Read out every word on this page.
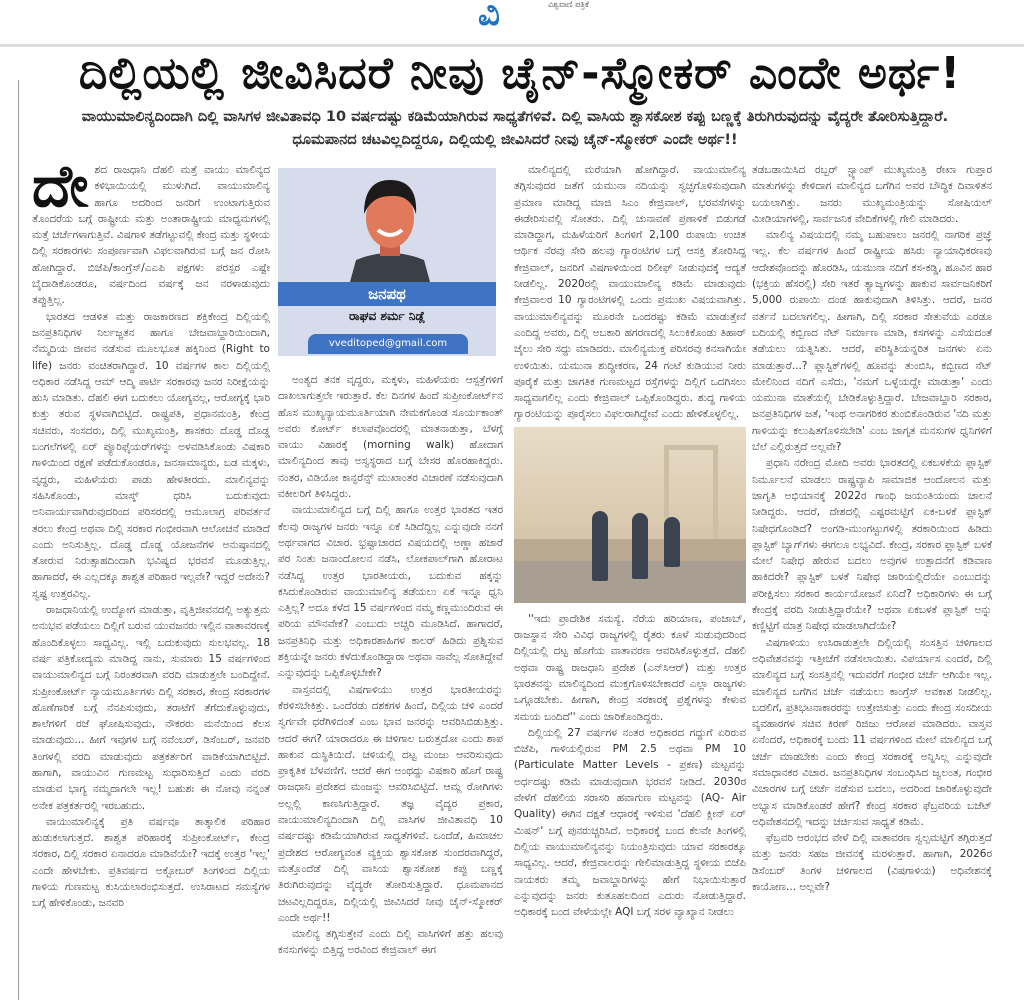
ವಿ	ವಿಶ್ವವಾಣಿ ಪತ್ರಿಕೆ
ದಿಲ್ಲಿಯಲ್ಲಿ ಜೀವಿಸಿದರೆ ನೀವು ಚೈನ್-ಸ್ಮೋಕರ್ ಎಂದೇ ಅರ್ಥ!
ವಾಯುಮಾಲಿನ್ಯದಿಂದಾಗಿ ದಿಲ್ಲಿ ವಾಸಿಗಳ ಜೀವಿತಾವಧಿ 10 ವರ್ಷದಷ್ಟು ಕಡಿಮೆಯಾಗಿರುವ ಸಾಧ್ಯತೆಗಳಿವೆ. ದಿಲ್ಲಿ ವಾಸಿಯ ಶ್ವಾಸಕೋಶ ಕಪ್ಪು ಬಣ್ಣಕ್ಕೆ ತಿರುಗಿರುವುದನ್ನು ವೈದ್ಯರೇ ತೋರಿಸುತ್ತಿದ್ದಾರೆ. ಧೂಮಪಾನದ ಚಟವಿಲ್ಲದಿದ್ದರೂ, ದಿಲ್ಲಿಯಲ್ಲಿ ಜೀವಿಸಿದರೆ ನೀವು ಚೈನ್-ಸ್ಮೋಕರ್ ಎಂದೇ ಅರ್ಥ!!

ದೇಶದ ರಾಜಧಾನಿ ದೆಹಲಿ ಮತ್ತೆ ವಾಯು ಮಾಲಿನ್ಯದ ಕಳಿಭಾಯಿಯಲ್ಲಿ ಮುಳುಗಿದೆ. ವಾಯುಮಾಲಿನ್ಯ ಹಾಗೂ ಅದರಿಂದ ಜನರಿಗೆ ಉಂಟಾಗುತ್ತಿರುವ ತೊಂದರೆಯ ಬಗ್ಗೆ ರಾಷ್ಟ್ರೀಯ ಮತ್ತು ಅಂತಾರಾಷ್ಟ್ರೀಯ ಮಾಧ್ಯಮಗಳಲ್ಲಿ ಮತ್ತೆ ಚರ್ಚೆಗಳಾಗುತ್ತಿವೆ. ವಿಷಗಾಳಿ ತಡೆಗಟ್ಟುವಲ್ಲಿ ಕೇಂದ್ರ ಮತ್ತು ಸ್ಥಳೀಯ ದಿಲ್ಲಿ ಸರಕಾರಗಳು ಸಂಪೂರ್ಣವಾಗಿ ವಿಫಲವಾಗಿರುವ ಬಗ್ಗೆ ಜನ ರೋಸಿ ಹೋಗಿದ್ದಾರೆ. ಬಿಜೆಪಿ/ಕಾಂಗ್ರೆಸ್/ಎಎಪಿ ಪಕ್ಷಗಳು ಪರಸ್ಪರ ಎಷ್ಟೇ ಬೈದಾಡಿಕೊಂಡರೂ, ವರ್ಷದಿಂದ ವರ್ಷಕ್ಕೆ ಜನ ನರಳಾಡುವುದು ತಪ್ಪುತ್ತಿಲ್ಲ.

ಭಾರತದ ಆಡಳಿತ ಮತ್ತು ರಾಜಕಾರಣದ ಶಕ್ತಿಕೇಂದ್ರ ದಿಲ್ಲಿಯಲ್ಲಿ ಜನಪ್ರತಿನಿಧಿಗಳ ನಿರ್ಲಜ್ಜತನ ಹಾಗೂ ಬೇಜವಾಬ್ದಾರಿಯಿಂದಾಗಿ, ನೆಮ್ಮದಿಯ ಜೀವನ ನಡೆಸುವ ಮೂಲಭೂತ ಹಕ್ಕಿನಿಂದ (Right to life) ಜನರು ವಂಚಿತರಾಗಿದ್ದಾರೆ. 10 ವರ್ಷಗಳ ಕಾಲ ದಿಲ್ಲಿಯಲ್ಲಿ ಅಧಿಕಾರ ನಡೆಸಿದ್ದ ಆಮ್ ಆದ್ಮಿ ಪಾರ್ಟಿ ಸರಕಾರವು ಜನರ ನಿರೀಕ್ಷೆಯನ್ನು ಹುಸಿ ಮಾಡಿತು. ದೆಹಲಿ ಈಗ ಬದುಕಲು ಯೋಗ್ಯವಲ್ಲ, ಆರೋಗ್ಯಕ್ಕೆ ಭಾರಿ ಕುತ್ತು ತರುವ ಸ್ಥಳವಾಗಿಬಿಟ್ಟಿದೆ. ರಾಷ್ಟ್ರಪತಿ, ಪ್ರಧಾನಮಂತ್ರಿ, ಕೇಂದ್ರ ಸಚಿವರು, ಸಂಸದರು, ದಿಲ್ಲಿ ಮುಖ್ಯಮಂತ್ರಿ, ಶಾಸಕರು ದೊಡ್ಡ ದೊಡ್ಡ ಬಂಗಲೆಗಳಲ್ಲಿ ಏರ್ ಪ್ಯೂರಿಫೈಯರ್‌ಗಳನ್ನು ಅಳವಡಿಸಿಕೊಂಡು ವಿಷಕಾರಿ ಗಾಳಿಯಿಂದ ರಕ್ಷಣೆ ಪಡೆದುಕೊಂಡರೂ, ಜನಸಾಮಾನ್ಯರು, ಬಡ ಮಕ್ಕಳು, ವೃದ್ಧರು, ಮಹಿಳೆಯರು ಪಾಡು ಹೇಳತೀರದು. ಮಾಲಿನ್ಯವನ್ನು ಸಹಿಸಿಕೊಂಡು, ಮಾಸ್ಕ್ ಧರಿಸಿ ಬದುಕುವುದು ಅನಿವಾರ್ಯವಾಗಿರುವುದರಿಂದ ಪರಿಸರದಲ್ಲಿ ಆಮೂಲಾಗ್ರ ಪರಿವರ್ತನೆ ತರಲು ಕೇಂದ್ರ ಅಥವಾ ದಿಲ್ಲಿ ಸರಕಾರ ಗಂಭೀರವಾಗಿ ಆಲೋಚನೆ ಮಾಡಿದೆ ಎಂದು ಅನಿಸುತ್ತಿಲ್ಲ. ದೊಡ್ಡ ದೊಡ್ಡ ಯೋಜನೆಗಳ ಅನುಷ್ಠಾನದಲ್ಲಿ ತೋರುವ ನಿರುತ್ಸಾಹದಿಂದಾಗಿ ಭವಿಷ್ಯದ ಭರವಸೆ ಮೂಡುತ್ತಿಲ್ಲ. ಹಾಗಾದರೆ, ಈ ಎಲ್ಲದಕ್ಕೂ ಶಾಶ್ವತ ಪರಿಹಾರ ಇಲ್ಲವೇ? ಇದ್ದರೆ ಅದೇನು? ಸ್ವಷ್ಟ ಉತ್ತರವಿಲ್ಲ.

ರಾಜಧಾನಿಯಲ್ಲಿ ಉದ್ಯೋಗ ಮಾಡುತ್ತಾ, ವೃತ್ತಿಜೀವನದಲ್ಲಿ ಅತ್ಯುತ್ತಮ ಅನುಭವ ಪಡೆಯಲು ದಿಲ್ಲಿಗೆ ಬರುವ ಯುವಜನರು ಇಲ್ಲಿನ ವಾತಾವರಣಕ್ಕೆ ಹೊಂದಿಕೊಳ್ಳಲು ಸಾಧ್ಯವಿಲ್ಲ. ಇಲ್ಲಿ ಬದುಕುವುದು ಸುಲಭವಲ್ಲ. 18 ವರ್ಷ ಪತ್ರಿಕೋದ್ಯಮ ಮಾಡಿದ್ದ ನಾನು, ಸುಮಾರು 15 ವರ್ಷಗಳಿಂದ ವಾಯುಮಾಲಿನ್ಯದ ಬಗ್ಗೆ ನಿರಂತರವಾಗಿ ವರದಿ ಮಾಡುತ್ತಲೇ ಬಂದಿದ್ದೇನೆ. ಸುಪ್ರೀಂಕೋರ್ಟ್ ನ್ಯಾಯಮೂರ್ತಿಗಳು ದಿಲ್ಲಿ ಸರಕಾರ, ಕೇಂದ್ರ ಸರಕಾರಗಳ ಹೊಣೆಗಾರಿಕೆ ಬಗ್ಗೆ ನೆನಪಿಸುವುದು, ತರಾಟೆಗೆ ತೆಗೆದುಕೊಳ್ಳುವುದು, ಶಾಲೆಗಳಿಗೆ ರಜೆ ಘೋಷಿಸುವುದು, ನೌಕರರು ಮನೆಯಿಂದ ಕೆಲಸ ಮಾಡುವುದು... ಹೀಗೆ ಇವುಗಳ ಬಗ್ಗೆ ನವೆಂಬರ್, ಡಿಸೆಂಬರ್, ಜನವರಿ ತಿಂಗಳಲ್ಲಿ ವರದಿ ಮಾಡುವುದು ಪತ್ರಕರ್ತರಿಗೆ ವಾಡಿಕೆಯಾಗಿಬಿಟ್ಟಿದೆ. ಹಾಗಾಗಿ, ವಾಯುವಿನ ಗುಣಮಟ್ಟ ಸುಧಾರಿಸುತ್ತಿದೆ ಎಂದು ವರದಿ ಮಾಡುವ ಭಾಗ್ಯ ನಮ್ಮದಾಗಲೇ ಇಲ್ಲ! ಬಹುಶಃ ಈ ನೋವು ನನ್ನಂತೆ ಅನೇಕ ಪತ್ರಕರ್ತರಲ್ಲಿ ಇರಬಹುದು.

ವಾಯುಮಾಲಿನ್ಯಕ್ಕೆ ಪ್ರತಿ ವರ್ಷವೂ ತಾತ್ಕಾಲಿಕ ಪರಿಹಾರ ಹುಡುಕಲಾಗುತ್ತದೆ. ಶಾಶ್ವತ ಪರಿಹಾರಕ್ಕೆ ಸುಪ್ರೀಂಕೋರ್ಟ್, ಕೇಂದ್ರ ಸರಕಾರ, ದಿಲ್ಲಿ ಸರಕಾರ ಏನಾದರೂ ಮಾಡಿವೆಯೇ? ಇದಕ್ಕೆ ಉತ್ತರ 'ಇಲ್ಲ' ಎಂದೇ ಹೇಳಬೇಕು. ಪ್ರತಿವರ್ಷದ ಅಕ್ಟೋಬರ್ ತಿಂಗಳಿಂದ ದಿಲ್ಲಿಯ ಗಾಳಿಯ ಗುಣಮಟ್ಟ ಕುಸಿಯಲಾರಂಭಿಸುತ್ತದೆ. ಉಸಿರಾಟದ ಸಮಸ್ಯೆಗಳ ಬಗ್ಗೆ ಹೇಳಿಕೊಂಡು, ಜನವರಿ

ಜನಪಥ
ರಾಘವ ಶರ್ಮ ನಿಡ್ಲೆ
vveditoped@gmail.com

ಅಂತ್ಯದ ತನಕ ವೃದ್ಧರು, ಮಕ್ಕಳು, ಮಹಿಳೆಯರು ಆಸ್ಪತ್ರೆಗಳಿಗೆ ದಾಖಲಾಗುತ್ತಲೇ ಇರುತ್ತಾರೆ. ಕೆಲ ದಿನಗಳ ಹಿಂದೆ ಸುಪ್ರೀಂಕೋರ್ಟ್‌ನ ಹೊಸ ಮುಖ್ಯನ್ಯಾಯಮೂರ್ತಿಯಾಗಿ ನೇಮಕಗೊಂಡ ಸೂರ್ಯಕಾಂತ್ ಅವರು ಕೋರ್ಟ್ ಕಲಾಪವೊಂದರಲ್ಲಿ ಮಾತನಾಡುತ್ತಾ, ಬೆಳಗ್ಗೆ ವಾಯು ವಿಹಾರಕ್ಕೆ (morning walk) ಹೋದಾಗ ಮಾಲಿನ್ಯದಿಂದ ತಾವು ಅಸ್ವಸ್ಥರಾದ ಬಗ್ಗೆ ಬೇಸರ ಹೊರಹಾಕಿದ್ದರು. ನಂತರ, ವಿಡಿಯೋ ಕಾನ್ಫರೆನ್ಸ್ ಮುಖಾಂತರ ವಿಚಾರಣೆ ನಡೆಸುವುದಾಗಿ ವಕೀಲರಿಗೆ ತಿಳಿಸಿದ್ದರು.

ವಾಯುಮಾಲಿನ್ಯದ ಬಗ್ಗೆ ದಿಲ್ಲಿ ಹಾಗೂ ಉತ್ತರ ಭಾರತದ ಇತರ ಕೆಲವು ರಾಜ್ಯಗಳ ಜನರು ಇನ್ನೂ ಏಕೆ ಸಿಡಿದೆದ್ದಿಲ್ಲ ಎನ್ನುವುದೇ ನನಗೆ ಅರ್ಥವಾಗದ ವಿಚಾರ. ಭ್ರಷ್ಟಾಚಾರದ ವಿಷಯದಲ್ಲಿ ಅಣ್ಣಾ ಹಜಾರೆ ಪರ ನಿಂತು ಜನಾಂದೋಲನ ನಡೆಸಿ, ಲೋಕಪಾಲ್‌ಗಾಗಿ ಹೋರಾಟ ನಡೆಸಿದ್ದ ಉತ್ತರ ಭಾರತೀಯರು, ಬದುಕುವ ಹಕ್ಕನ್ನು ಕಸಿದುಕೊಂಡಿರುವ ವಾಯುಮಾಲಿನ್ಯ ತಡೆಯಲು ಏಕೆ ಇನ್ನೂ ಧ್ವನಿ ಎತ್ತಿಲ್ಲ? ಅದೂ ಕಳೆದ 15 ವರ್ಷಗಳಿಂದ ನಮ್ಮ ಕಣ್ಣಮುಂದಿರುವ ಈ ಪರಿಯ ಮೌನವೇಕೆ? ಎಂಬುದು ಅಚ್ಚರಿ ಮೂಡಿಸಿದೆ. ಹಾಗಾದರೆ, ಜನಪ್ರತಿನಿಧಿ ಮತ್ತು ಅಧಿಕಾರಶಾಹಿಗಳ ಕಾಲರ್ ಹಿಡಿದು ಪ್ರಶ್ನಿಸುವ ಶಕ್ತಿಯನ್ನೇ ಜನರು ಕಳೆದುಕೊಂಡಿದ್ದಾರಾ ಅಥವಾ ನಾವೆಲ್ಲ ಸೋತಿದ್ದೇವೆ ಎನ್ನುವುದನ್ನು ಒಪ್ಪಿಕೊಳ್ಳಬೇಕೇ?

ವಾಸ್ತವದಲ್ಲಿ ವಿಷಗಾಳಿಯು ಉತ್ತರ ಭಾರತೀಯರನ್ನು ಕೆರಳಿಸಬೇಕಿತ್ತು. ಒಂದೆರಡು ದಶಕಗಳ ಹಿಂದೆ, ದಿಲ್ಲಿಯ ಚಳಿ ಎಂದರೆ ಸ್ವರ್ಗವೇ ಧರೆಗಿಳಿದಂತೆ ಎಂಬ ಭಾವ ಜನರನ್ನು ಆವರಿಸಿಬಿಡುತ್ತಿತ್ತು. ಆದರೆ ಈಗ? ಯಾರಾದರೂ ಈ ಚಳಿಗಾಲ ಬರುತ್ತದೋ ಎಂದು ಶಾಪ ಹಾಕುವ ದುಸ್ಥಿತಿಯಿದೆ. ಚಳಿಯಲ್ಲಿ ದಟ್ಟ ಮಂಜು ಆವರಿಸುವುದು ಪ್ರಾಕೃತಿಕ ಬೆಳವಣಿಗೆ. ಆದರೆ ಈಗ ಅಂಥದ್ದು ವಿಷಕಾರಿ ಹೊಗೆ ರಾಷ್ಟ್ರ ರಾಜಧಾನಿ ಪ್ರದೇಶದ ಮಂಜನ್ನು ಆವರಿಸಿಬಿಟ್ಟಿದೆ. ಆಮ್ಲ ರೋಗಿಗಳು ಅಲ್ಲಲ್ಲಿ ಕಾಣಸಿಗುತ್ತಿದ್ದಾರೆ. ತಜ್ಞ ವೈದ್ಯರ ಪ್ರಕಾರ, ವಾಯುಮಾಲಿನ್ಯದಿಂದಾಗಿ ದಿಲ್ಲಿ ವಾಸಿಗಳ ಜೀವಿತಾವಧಿ 10 ವರ್ಷದಷ್ಟು ಕಡಿಮೆಯಾಗಿರುವ ಸಾಧ್ಯತೆಗಳಿವೆ. ಒಂದೆಡೆ, ಹಿಮಾಚಲ ಪ್ರದೇಶದ ಆರೋಗ್ಯವಂತ ವ್ಯಕ್ತಿಯ ಶ್ವಾಸಕೋಶ ಸುಂದರವಾಗಿದ್ದರೆ, ಮತ್ತೊಂದೆಡೆ ದಿಲ್ಲಿ ವಾಸಿಯ ಶ್ವಾಸಕೋಶ ಕಪ್ಪು ಬಣ್ಣಕ್ಕೆ ತಿರುಗಿರುವುದನ್ನು ವೈದ್ಯರೇ ತೋರಿಸುತ್ತಿದ್ದಾರೆ. ಧೂಮಪಾನದ ಚಟವಿಲ್ಲದಿದ್ದರೂ, ದಿಲ್ಲಿಯಲ್ಲಿ ಜೀವಿಸಿದರೆ ನೀವು ಚೈನ್-ಸ್ಮೋಕರ್ ಎಂದೇ ಅರ್ಥ!!

ಮಾಲಿನ್ಯ ತಗ್ಗಿಸುತ್ತೇನೆ ಎಂದು ದಿಲ್ಲಿ ವಾಸಿಗಳಿಗೆ ಹತ್ತು ಹಲವು ಕನಸುಗಳನ್ನು ಬಿತ್ತಿದ್ದ ಅರವಿಂದ ಕೇಜ್ರಿವಾಲ್ ಈಗ

ಮಾಲಿನ್ಯದಲ್ಲಿ ಮರೆಯಾಗಿ ಹೋಗಿದ್ದಾರೆ. ವಾಯುಮಾಲಿನ್ಯ ತಗ್ಗಿಸುವುದರ ಜತೆಗೆ ಯಮುನಾ ನದಿಯನ್ನು ಸ್ವಚ್ಛಗೊಳಿಸುವುದಾಗಿ ಪ್ರಮಾಣ ಮಾಡಿದ್ದ ಮಾಜಿ ಸಿಎಂ ಕೇಜ್ರಿವಾಲ್, ಭರವಸೆಗಳನ್ನು ಈಡೇರಿಸುವಲ್ಲಿ ಸೋತರು. ದಿಲ್ಲಿ ಚುನಾವಣೆ ಪ್ರಣಾಳಿಕೆ ಬಿಡುಗಡೆ ಮಾಡಿದ್ದಾಗ, ಮಹಿಳೆಯರಿಗೆ ತಿಂಗಳಿಗೆ 2,100 ರುಪಾಯಿ ಉಚಿತ ಆರ್ಥಿಕ ನೆರವು ಸೇರಿ ಹಲವು ಗ್ಯಾರಂಟಿಗಳ ಬಗ್ಗೆ ಆಸಕ್ತಿ ತೋರಿಸಿದ್ದ ಕೇಜ್ರಿವಾಲ್, ಜನರಿಗೆ ವಿಷಗಾಳಿಯಿಂದ ರಿಲೀಫ್ ನೀಡುವುದಕ್ಕೆ ಆದ್ಯತೆ ನೀಡಲಿಲ್ಲ. 2020ರಲ್ಲಿ ವಾಯುಮಾಲಿನ್ಯ ಕಡಿಮೆ ಮಾಡುವುದು ಕೇಜ್ರಿವಾಲರ 10 ಗ್ಯಾರಂಟಿಗಳಲ್ಲಿ ಒಂದು ಪ್ರಮುಖ ವಿಷಯವಾಗಿತ್ತು. ವಾಯುಮಾಲಿನ್ಯವನ್ನು ಮೂರನೇ ಒಂದರಷ್ಟು ಕಡಿಮೆ ಮಾಡುತ್ತೇನೆ ಎಂದಿದ್ದ ಅವರು, ದಿಲ್ಲಿ ಅಬಕಾರಿ ಹಗರಣದಲ್ಲಿ ಸಿಲುಕಿಕೊಂಡು ತಿಹಾರ್ ಜೈಲು ಸೇರಿ ಸದ್ದು ಮಾಡಿದರು. ಮಾಲಿನ್ಯಮುಕ್ತ ಪರಿಸರವು ಕನಸಾಗಿಯೇ ಉಳಿಯಿತು. ಯಮುನಾ ಶುದ್ಧೀಕರಣ, 24 ಗಂಟೆ ಕುಡಿಯುವ ನೀರು ಪೂರೈಕೆ ಮತ್ತು ಜಾಗತಿಕ ಗುಣಮಟ್ಟದ ರಸ್ತೆಗಳನ್ನು ದಿಲ್ಲಿಗೆ ಒದಗಿಸಲು ಸಾಧ್ಯವಾಗಲಿಲ್ಲ ಎಂದು ಕೇಜ್ರಿವಾಲ್ ಒಪ್ಪಿಕೊಂಡಿದ್ದರು. ಶುದ್ಧ ಗಾಳಿಯ ಗ್ಯಾರಂಟಿಯನ್ನು ಪೂರೈಸಲು ವಿಫಲರಾಗಿದ್ದೇವೆ ಎಂದು ಹೇಳಿಕೊಳ್ಳಲಿಲ್ಲ.

''ಇದು ಪ್ರಾದೇಶಿಕ ಸಮಸ್ಯೆ. ನೆರೆಯ ಹರಿಯಾಣ, ಪಂಜಾಬ್, ರಾಜಸ್ಥಾನ ಸೇರಿ ವಿವಿಧ ರಾಜ್ಯಗಳಲ್ಲಿ ರೈತರು ಕೂಳೆ ಸುಡುವುದರಿಂದ ದಿಲ್ಲಿಯಲ್ಲಿ ದಟ್ಟ ಹೊಗೆಯ ವಾತಾವರಣ ಆವರಿಸಿಕೊಳ್ಳುತ್ತದೆ. ದೆಹಲಿ ಅಥವಾ ರಾಷ್ಟ್ರ ರಾಜಧಾನಿ ಪ್ರದೇಶ (ಎನ್‌ಸಿಆರ್) ಮತ್ತು ಉತ್ತರ ಭಾರತವನ್ನು ಮಾಲಿನ್ಯದಿಂದ ಮುಕ್ತಗೊಳಿಸಬೇಕಾದರೆ ಎಲ್ಲಾ ರಾಜ್ಯಗಳು ಒಗ್ಗೂಡಬೇಕು. ಹೀಗಾಗಿ, ಕೇಂದ್ರ ಸರಕಾರಕ್ಕೆ ಪ್ರಶ್ನೆಗಳನ್ನು ಕೇಳುವ ಸಮಯ ಬಂದಿದೆ'' ಎಂದು ಜಾರಿಕೊಂಡಿದ್ದರು.

ದಿಲ್ಲಿಯಲ್ಲಿ 27 ವರ್ಷಗಳ ನಂತರ ಅಧಿಕಾರದ ಗದ್ದುಗೆ ಏರಿರುವ ಬಿಜೆಪಿ, ಗಾಳಿಯಲ್ಲಿರುವ PM 2.5 ಅಥವಾ PM 10 (Particulate Matter Levels - ಪ್ರಕಣ) ಮಟ್ಟವನ್ನು ಅರ್ಧದಷ್ಟು ಕಡಿಮೆ ಮಾಡುವುದಾಗಿ ಭರವಸೆ ನೀಡಿದೆ. 2030ರ ವೇಳೆಗೆ ದೆಹಲಿಯ ಸರಾಸರಿ ಹವಾಗುಣ ಮಟ್ಟವನ್ನು (AQ- Air Quality) ಈಗಿನ ದಕ್ಷತೆ ಆಧಾರಕ್ಕೆ ಇಳಿಸುವ 'ದೆಹಲಿ ಕ್ಲೀನ್ ಏರ್ ಮಿಷನ್' ಬಗ್ಗೆ ಪುನರುಚ್ಚರಿಸಿದೆ. ಅಧಿಕಾರಕ್ಕೆ ಬಂದ ಕೆಲವೇ ತಿಂಗಳಲ್ಲಿ ದಿಲ್ಲಿಯ ವಾಯುಮಾಲಿನ್ಯವನ್ನು ನಿಯಂತ್ರಿಸುವುದು ಯಾವ ಸರಕಾರಕ್ಕೂ ಸಾಧ್ಯವಿಲ್ಲ. ಆದರೆ, ಕೇಜ್ರಿವಾಲರನ್ನು ಗೇಲಿಮಾಡುತ್ತಿದ್ದ ಸ್ಥಳೀಯ ಬಿಜೆಪಿ ನಾಯಕರು ತಮ್ಮ ಜವಾಬ್ದಾರಿಗಳನ್ನು ಹೇಗೆ ನಿಭಾಯಿಸುತ್ತಾರೆ ಎನ್ನುವುದನ್ನು ಜನರು ಕುತೂಹಲದಿಂದ ಎದುರು ನೋಡುತ್ತಿದ್ದಾರೆ. ಅಧಿಕಾರಕ್ಕೆ ಬಂದ ವೇಳೆಯಲ್ಲೇ AQI ಬಗ್ಗೆ ಸರಳ ವ್ಯಾಖ್ಯಾನ ನೀಡಲು

ತಡಬಡಾಯಿಸಿದ ರಬ್ಬರ್ ಸ್ಟ್ಯಾಂಪ್ ಮುಖ್ಯಮಂತ್ರಿ ರೇಖಾ ಗುಪ್ತಾರ ಮಾತುಗಳನ್ನು ಕೇಳಿದಾಗ ಮಾಲಿನ್ಯದ ಬಗೆಗಿನ ಅವರ ಬೌದ್ಧಿಕ ದಿವಾಳಿತನ ಬಯಲಾಗಿತ್ತು. ಜನರು ಮುಖ್ಯಮಂತ್ರಿಯನ್ನು ಸೋಷಿಯಲ್ ಮೀಡಿಯಾಗಳಲ್ಲಿ, ಸಾರ್ವಜನಿಕ ವೇದಿಕೆಗಳಲ್ಲಿ ಗೇಲಿ ಮಾಡಿದರು.

ಮಾಲಿನ್ಯ ವಿಷಯದಲ್ಲಿ ನಮ್ಮ ಬಹುಪಾಲು ಜನರಲ್ಲಿ ನಾಗರಿಕ ಪ್ರಜ್ಞೆ ಇಲ್ಲ. ಕೆಲ ವರ್ಷಗಳ ಹಿಂದೆ ರಾಷ್ಟ್ರೀಯ ಹಸಿರು ನ್ಯಾಯಾಧಿಕರಣವು ಆದೇಶವೊಂದನ್ನು ಹೊರಡಿಸಿ, ಯಮುನಾ ನದಿಗೆ ಕಸ-ಕಡ್ಡಿ, ಹೂವಿನ ಹಾರ (ಭಕ್ತಿಯ ಹೆಸರಲ್ಲಿ) ಸೇರಿ ಇತರೆ ತ್ಯಾಜ್ಯಗಳನ್ನು ಹಾಕುವ ಸಾರ್ವಜನಿಕರಿಗೆ 5,000 ರುಪಾಯಿ ದಂಡ ಹಾಕುವುದಾಗಿ ತಿಳಿಸಿತ್ತು. ಆದರೆ, ಜನರ ವರ್ತನೆ ಬದಲಾಗಲಿಲ್ಲ. ಹೀಗಾಗಿ, ದಿಲ್ಲಿ ಸರಕಾರ ಸೇತುವೆಯ ಎರಡೂ ಬದಿಯಲ್ಲಿ ಕಬ್ಬಿಣದ ನೆಟ್ ನಿರ್ಮಾಣ ಮಾಡಿ, ಕಸಗಳನ್ನು ಎಸೆಯದಂತೆ ತಡೆಯಲು ಯತ್ನಿಸಿತು. ಆದರೆ, ಪರಿಸ್ಥಿತಿಯನ್ನರಿತ ಜನಗಳು ಏನು ಮಾಡುತ್ತಾರೆ...? ಪ್ಲಾಸ್ಟಿಕ್‌ಗಳಲ್ಲಿ ಹೂವನ್ನು ತುಂಬಿಸಿ, ಕಬ್ಬಿಣದ ನೆಟ್ ಮೇಲಿನಿಂದ ನದಿಗೆ ಎಸೆದು, 'ನಮಗೆ ಒಳ್ಳೆಯದ್ದೇ ಮಾಡುತ್ತಾ' ಎಂದು ಯಮುನಾ ಮಾತೆಯಲ್ಲಿ ಬೇಡಿಕೊಳ್ಳುತ್ತಿದ್ದಾರೆ. ಬೇಜವಾಬ್ದಾರಿ ಸರಕಾರ, ಜನಪ್ರತಿನಿಧಿಗಳ ಜತೆ, 'ಇಂಥ ಅನಾಗರಿಕರ ತುಂಬಿಕೊಂಡಿರುವ 'ನದಿ ಮತ್ತು ಗಾಳಿಯನ್ನು ಕಲುಷಿತಗೊಳಿಸಬೇಡಿ' ಎಂಬ ಜಾಗೃತ ಮನಸುಗಳ ಧ್ವನಿಗಳಿಗೆ ಬೆಲೆ ಎಲ್ಲಿರುತ್ತದೆ ಅಲ್ಲವೇ?

ಪ್ರಧಾನಿ ನರೇಂದ್ರ ಮೋದಿ ಅವರು ಭಾರತದಲ್ಲಿ ಏಕಬಳಕೆಯ ಪ್ಲಾಸ್ಟಿಕ್ ನಿರ್ಮೂಲನೆ ಮಾಡಲು ರಾಷ್ಟ್ರವ್ಯಾಪಿ ಸಾಮಾಜಿಕ ಆಂದೋಲನ ಮತ್ತು ಜಾಗೃತಿ ಅಭಿಯಾನಕ್ಕೆ 2022ರ ಗಾಂಧಿ ಜಯಂತಿಯಂದು ಚಾಲನೆ ನೀಡಿದ್ದರು. ಆದರೆ, ದೇಶದಲ್ಲಿ ಎಷ್ಟರಮಟ್ಟಿಗೆ ಏಕ-ಬಳಕೆ ಪ್ಲಾಸ್ಟಿಕ್ ನಿಷೇಧಗೊಂಡಿದೆ? ಅಂಗಡಿ-ಮುಂಗಟ್ಟುಗಳಲ್ಲಿ ತರಕಾರಿಯಿಂದ ಹಿಡಿದು ಪ್ಲಾಸ್ಟಿಕ್ ಬ್ಯಾಗ್‌ಗಳು ಈಗಲೂ ಲಭ್ಯವಿದೆ. ಕೇಂದ್ರ, ಸರಕಾರ ಪ್ಲಾಸ್ಟಿಕ್ ಬಳಕೆ ಮೇಲೆ ನಿಷೇಧ ಹೇರುವ ಬದಲು ಅವುಗಳ ಉತ್ಪಾದನೆಗೆ ಕಡಿವಾಣ ಹಾಕಿದರೇ? ಪ್ಲಾಸ್ಟಿಕ್ ಬಳಕೆ ನಿಷೇಧ ಜಾರಿಯಲ್ಲಿದೆಯೇ ಎಂಬುದನ್ನು ಪರೀಕ್ಷಿಸಲು ಸರಕಾರ ಕಾರ್ಯಯೋಜನೆ ಏನಿದೆ? ಅಧಿಕಾರಿಗಳು ಈ ಬಗ್ಗೆ ಕೇಂದ್ರಕ್ಕೆ ವರದಿ ನೀಡುತ್ತಿದ್ದಾರೆಯೇ? ಅಥವಾ ಏಕಬಳಕೆ ಪ್ಲಾಸ್ಟಿಕ್ ಅನ್ನು ಕಣ್ಣಿಟ್ಟಿಗೆ ಮಾತ್ರ ನಿಷೇಧ ಮಾಡಲಾಗಿದೆಯೇ?

ವಿಷಗಾಳಿಯು ಉಸಿರಾಡುತ್ತಲೇ ದಿಲ್ಲಿಯಲ್ಲಿ ಸಂಸತ್ತಿನ ಚಳಿಗಾಲದ ಅಧಿವೇಶನವನ್ನು ಇತ್ತೀಚೆಗೆ ನಡೆಸಲಾಯಿತು. ವಿಪರ್ಯಾಸ ಎಂದರೆ, ದಿಲ್ಲಿ ಮಾಲಿನ್ಯದ ಬಗ್ಗೆ ಸಂಸತ್ತಿನಲ್ಲಿ ಇದುವರೆಗೆ ಗಂಭೀರ ಚರ್ಚೆ ಆಗಿಯೇ ಇಲ್ಲ. ಮಾಲಿನ್ಯದ ಬಗೆಗಿನ ಚರ್ಚೆ ನಡೆಯಲು ಕಾಂಗ್ರೆಸ್ ಅವಕಾಶ ನೀಡಲಿಲ್ಲ. ಬದಲಿಗೆ, ಪ್ರತಿಭಟನಾಕಾರರನ್ನು ಉತ್ತೇಜಿಸುತ್ತು ಎಂದು ಕೇಂದ್ರ ಸಂಸದೀಯ ವ್ಯವಹಾರಗಳ ಸಚಿವ ಕಿರಣ್ ರಿಜಿಜು ಆರೋಪ ಮಾಡಿದರು. ವಾಸ್ತವ ಏನೆಂದರೆ, ಅಧಿಕಾರಕ್ಕೆ ಬಂದು 11 ವರ್ಷಗಳಿಂದ ಮೇಲೆ ಮಾಲಿನ್ಯದ ಬಗ್ಗೆ ಚರ್ಚೆ ಮಾಡಬೇಕು ಎಂದು ಕೇಂದ್ರ ಸರಕಾರಕ್ಕೆ ಅನ್ನಿಸಿಲ್ಲ ಎನ್ನುವುದೇ ಸಮಾಧಾನಕರ ವಿಚಾರ. ಜನಪ್ರತಿನಿಧಿಗಳ ಸಂಬಂಧಿಸಿದ ಜ್ವಲಂತ, ಗಂಭೀರ ವಿಚಾರಗಳ ಬಗ್ಗೆ ಚರ್ಚೆ ನಡೆಸುವ ಬದಲು, ಅದರಿಂದ ಜಾರಿಕೊಳ್ಳುವುದೇ ಅಭ್ಯಾಸ ಮಾಡಿಕೊಂಡರೆ ಹೇಗೆ? ಕೇಂದ್ರ ಸರಕಾರ ಫೆಬ್ರವರಿಯ ಬಜೆಟ್ ಅಧಿವೇಶನದಲ್ಲಿ ಇದನ್ನು ಚರ್ಚಿಸುವ ಸಾಧ್ಯತೆ ಕಡಿಮೆ.

ಫೆಬ್ರವರಿ ಆರಂಭದ ವೇಳೆ ದಿಲ್ಲಿ ವಾತಾವರಣ ಸ್ವಲ್ಪಮಟ್ಟಿಗೆ ತಗ್ಗಿರುತ್ತದೆ ಮತ್ತು ಜನರು ಸಹಜ ಜೀವನಕ್ಕೆ ಮರಳುತ್ತಾರೆ. ಹಾಗಾಗಿ, 2026ರ ಡಿಸೆಂಬರ್ ತಿಂಗಳ ಚಳಿಗಾಲದ (ವಿಷಗಾಳಿಯ) ಅಧಿವೇಶನಕ್ಕೆ ಕಾಯೋಣ... ಅಲ್ಲವೇ?
